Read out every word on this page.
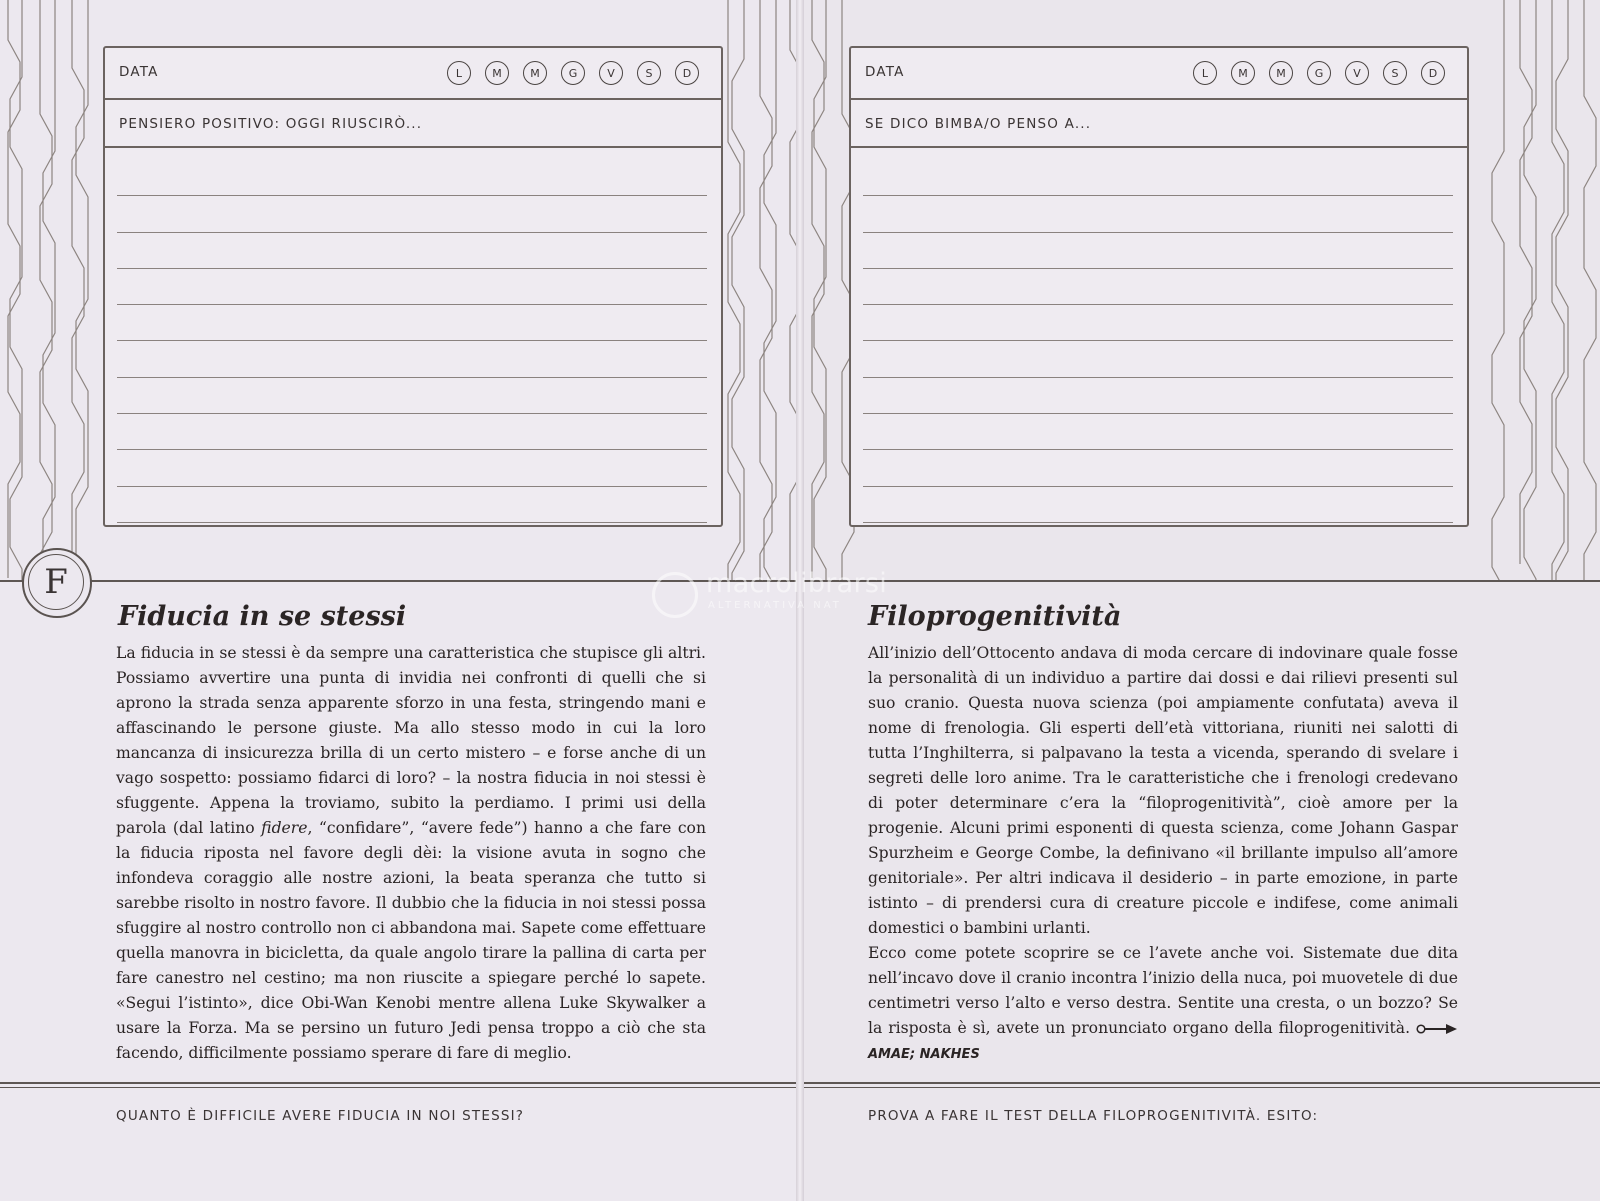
DATA	L	M	M	G	V	S	D
PENSIERO POSITIVO: OGGI RIUSCIRÒ...
F
Fiducia in se stessi

La fiducia in se stessi è da sempre una caratteristica che stupisce gli altri. Possiamo avvertire una punta di invidia nei confronti di quelli che si aprono la strada senza apparente sforzo in una festa, stringendo mani e affascinando le persone giuste. Ma allo stesso modo in cui la loro mancanza di insicurezza brilla di un certo mistero – e forse anche di un vago sospetto: possiamo fidarci di loro? – la nostra fiducia in noi stessi è sfuggente. Appena la troviamo, subito la perdiamo. I primi usi della parola (dal latino fidere, “confidare”, “avere fede”) hanno a che fare con la fiducia riposta nel favore degli dèi: la visione avuta in sogno che infondeva coraggio alle nostre azioni, la beata speranza che tutto si sarebbe risolto in nostro favore. Il dubbio che la fiducia in noi stessi possa sfuggire al nostro controllo non ci abbandona mai. Sapete come effettuare quella manovra in bicicletta, da quale angolo tirare la pallina di carta per fare canestro nel cestino; ma non riuscite a spiegare perché lo sapete. «Segui l’istinto», dice Obi-Wan Kenobi mentre allena Luke Skywalker a usare la Forza. Ma se persino un futuro Jedi pensa troppo a ciò che sta facendo, difficilmente possiamo sperare di fare di meglio.

QUANTO È DIFFICILE AVERE FIDUCIA IN NOI STESSI?
DATA	L	M	M	G	V	S	D
SE DICO BIMBA/O PENSO A...
Filoprogenitività

All’inizio dell’Ottocento andava di moda cercare di indovinare quale fosse la personalità di un individuo a partire dai dossi e dai rilievi presenti sul suo cranio. Questa nuova scienza (poi ampiamente confutata) aveva il nome di frenologia. Gli esperti dell’età vittoriana, riuniti nei salotti di tutta l’Inghilterra, si palpavano la testa a vicenda, sperando di svelare i segreti delle loro anime. Tra le caratteristiche che i frenologi credevano di poter determinare c’era la “filoprogenitività”, cioè amore per la progenie. Alcuni primi esponenti di questa scienza, come Johann Gaspar Spurzheim e George Combe, la definivano «il brillante impulso all’amore genitoriale». Per altri indicava il desiderio – in parte emozione, in parte istinto – di prendersi cura di creature piccole e indifese, come animali domestici o bambini urlanti.

Ecco come potete scoprire se ce l’avete anche voi. Sistemate due dita nell’incavo dove il cranio incontra l’inizio della nuca, poi muovetele di due centimetri verso l’alto e verso destra. Sentite una cresta, o un bozzo? Se la risposta è sì, avete un pronunciato organo della filoprogenitività.  AMAE; NAKHES

PROVA A FARE IL TEST DELLA FILOPROGENITIVITÀ. ESITO:
macrolibrarsi
ALTERNATIVA NAT
